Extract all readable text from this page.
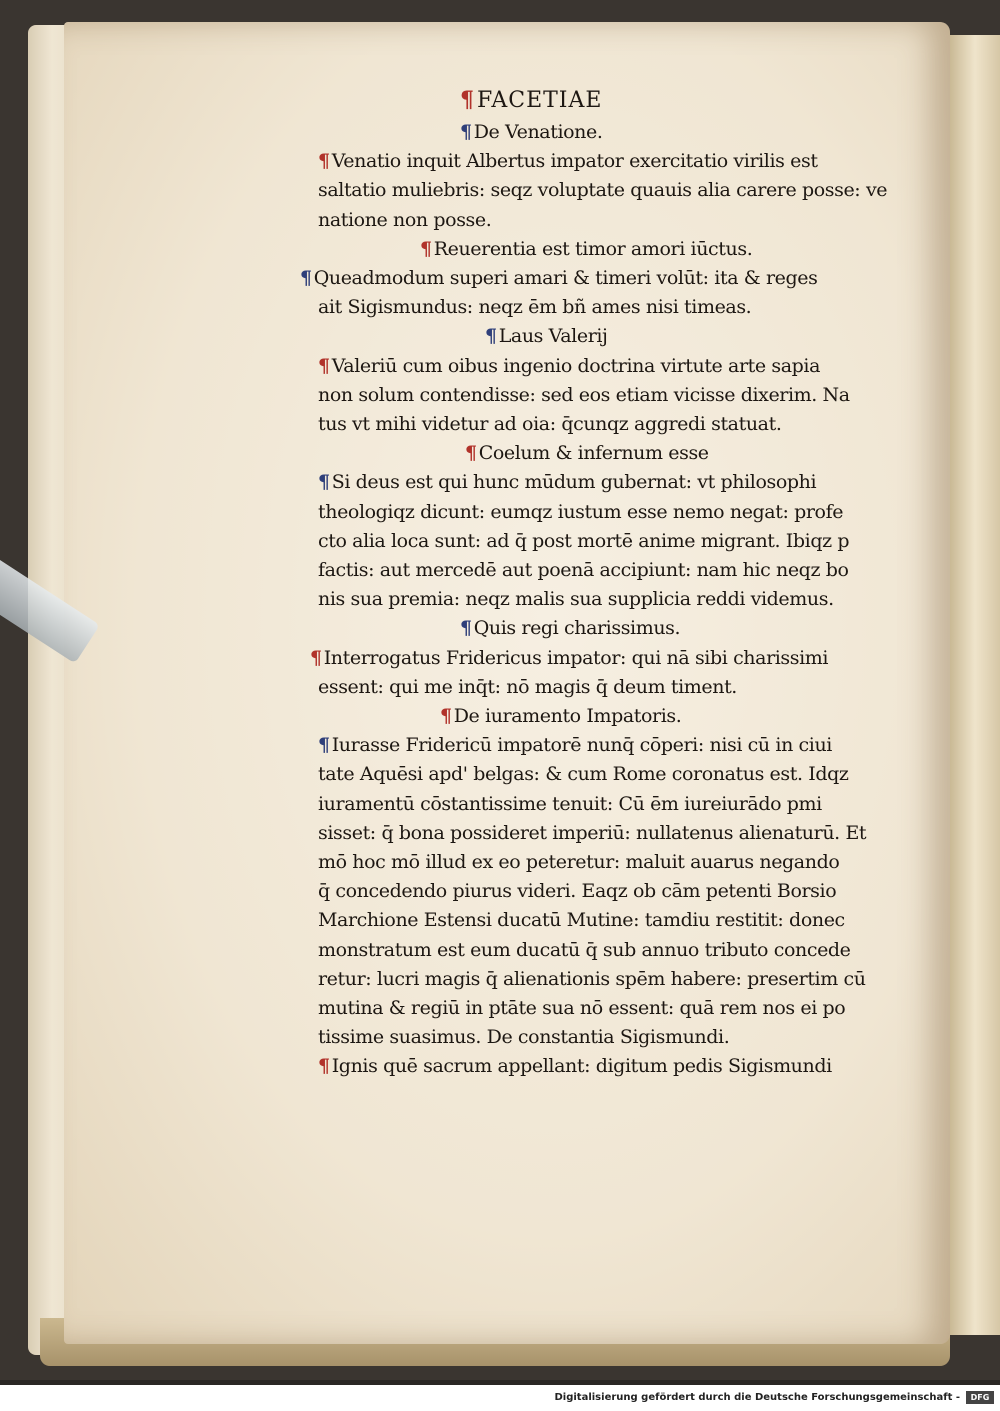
¶FACETIAE
¶ De Venatione.
¶ Venatio inquit Albertus impator exercitatio virilis est
saltatio muliebris: seqz voluptate quauis alia carere posse: ve
natione non posse.
¶ Reuerentia est timor amori iūctus.
¶ Queadmodum superi amari & timeri volūt: ita & reges
ait Sigismundus: neqz ēm bñ ames nisi timeas.
¶ Laus Valerij
¶ Valeriū cum oibus ingenio doctrina virtute arte sapia
non solum contendisse: sed eos etiam vicisse dixerim. Na
tus vt mihi videtur ad oia: q̄cunqz aggredi statuat.
¶ Coelum & infernum esse
¶ Si deus est qui hunc mūdum gubernat: vt philosophi
theologiqz dicunt: eumqz iustum esse nemo negat: profe
cto alia loca sunt: ad q̄ post mortē anime migrant. Ibiqz p
factis: aut mercedē aut poenā accipiunt: nam hic neqz bo
nis sua premia: neqz malis sua supplicia reddi videmus.
¶ Quis regi charissimus.
¶ Interrogatus Fridericus impator: qui nā sibi charissimi
essent: qui me inq̄t: nō magis q̄ deum timent.
¶ De iuramento Impatoris.
¶ Iurasse Fridericū impatorē nunq̄ cōperi: nisi cū in ciui
tate Aquēsi apd' belgas: & cum Rome coronatus est. Idqz
iuramentū cōstantissime tenuit: Cū ēm iureiurādo pmi
sisset: q̄ bona possideret imperiū: nullatenus alienaturū. Et
mō hoc mō illud ex eo peteretur: maluit auarus negando
q̄ concedendo piurus videri. Eaqz ob cām petenti Borsio
Marchione Estensi ducatū Mutine: tamdiu restitit: donec
monstratum est eum ducatū q̄ sub annuo tributo concede
retur: lucri magis q̄ alienationis spēm habere: presertim cū
mutina & regiū in ptāte sua nō essent: quā rem nos ei po
tissime suasimus. De constantia Sigismundi.
¶ Ignis quē sacrum appellant: digitum pedis Sigismundi
Digitalisierung gefördert durch die Deutsche Forschungsgemeinschaft -	DFG
